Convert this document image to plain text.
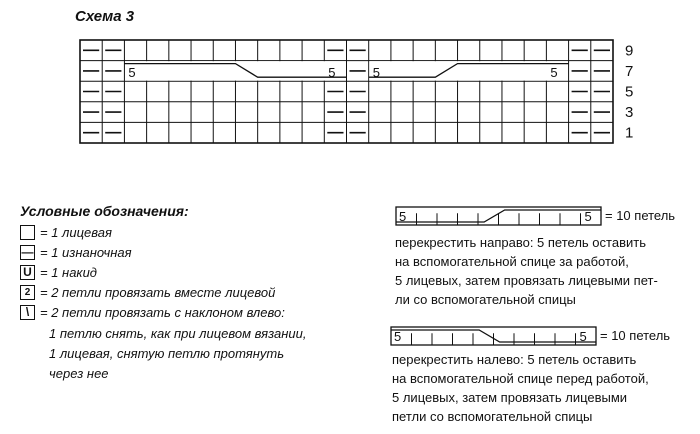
Схема 3
5	5	5	5
9
7
5
3
1
Условные обозначения:
= 1 лицевая
— = 1 изнаночная
U = 1 накид
2 = 2 петли провязать вместе лицевой
\ = 2 петли провязать с наклоном влево:
1 петлю снять, как при лицевом вязании,
1 лицевая, снятую петлю протянуть
через нее
5	5 = 10 петель
перекрестить направо: 5 петель оставить
на вспомогательной спице за работой,
5 лицевых, затем провязать лицевыми пет-
ли со вспомогательной спицы
5	5 = 10 петель
перекрестить налево: 5 петель оставить
на вспомогательной спице перед работой,
5 лицевых, затем провязать лицевыми
петли со вспомогательной спицы
